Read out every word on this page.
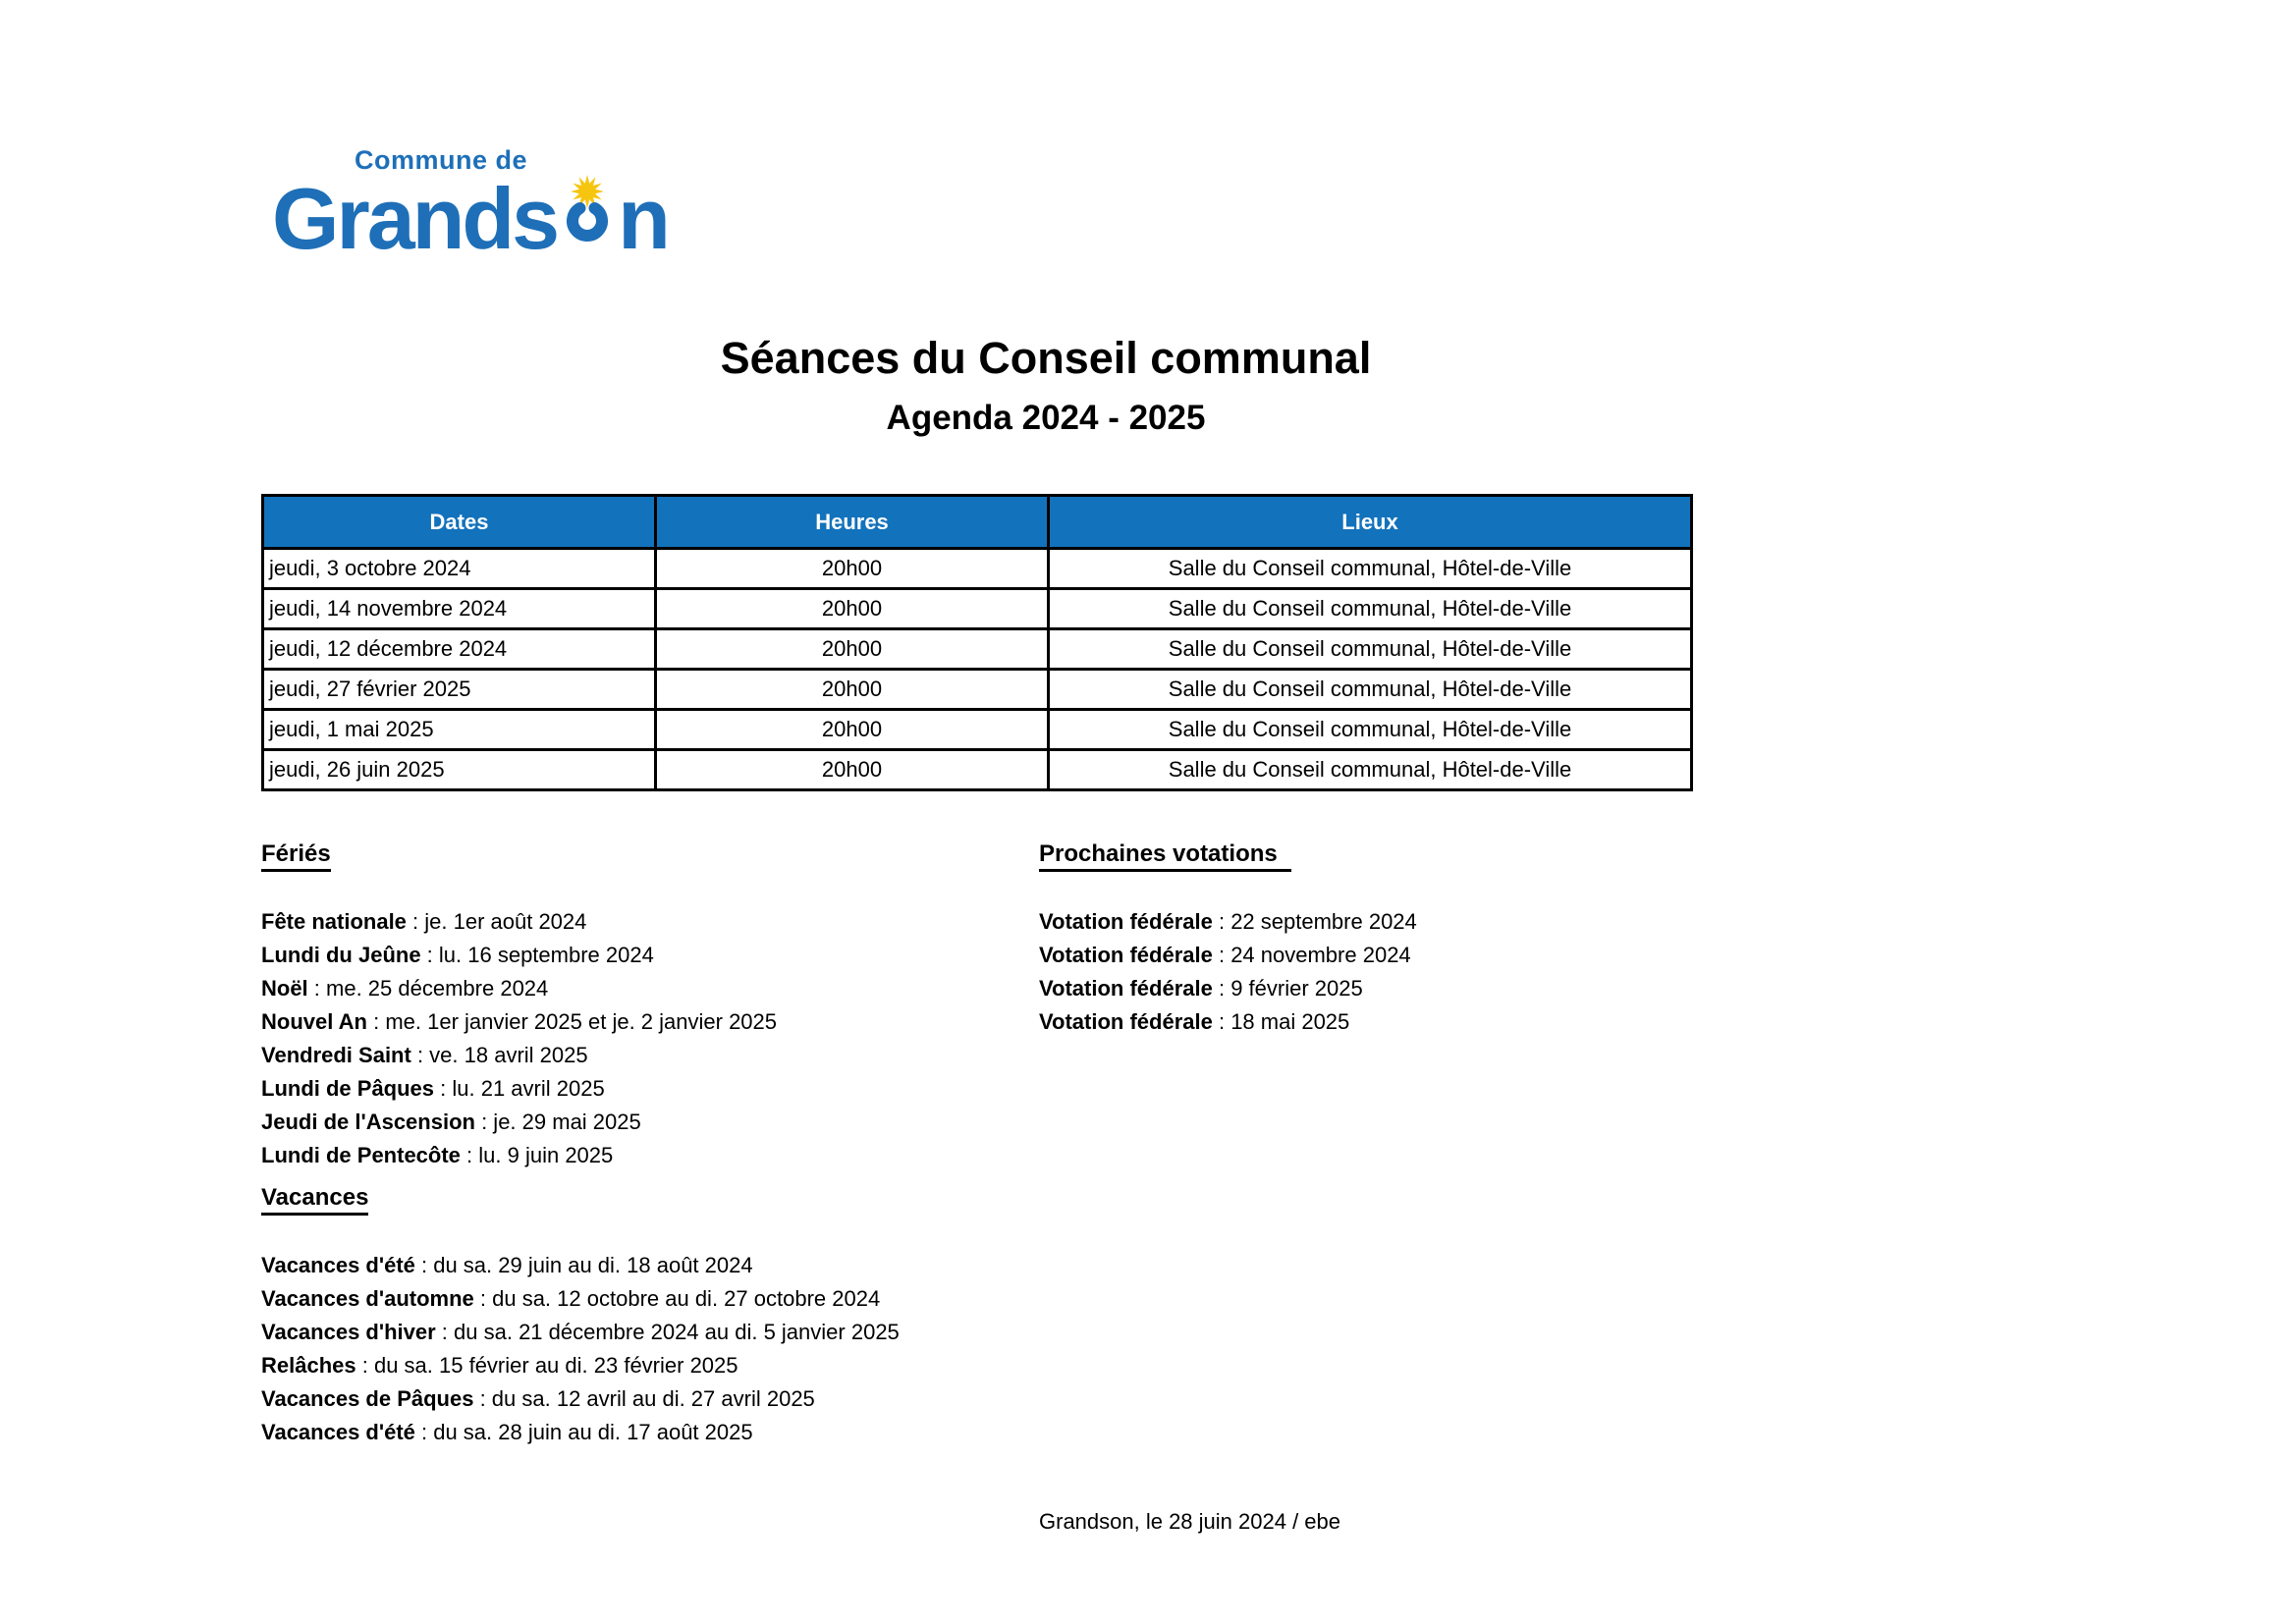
Commune de
Grands n
Séances du Conseil communal
Agenda 2024 - 2025
Dates	Heures	Lieux
jeudi, 3 octobre 2024	20h00	Salle du Conseil communal, Hôtel-de-Ville
jeudi, 14 novembre 2024	20h00	Salle du Conseil communal, Hôtel-de-Ville
jeudi, 12 décembre 2024	20h00	Salle du Conseil communal, Hôtel-de-Ville
jeudi, 27 février 2025	20h00	Salle du Conseil communal, Hôtel-de-Ville
jeudi, 1 mai 2025	20h00	Salle du Conseil communal, Hôtel-de-Ville
jeudi, 26 juin 2025	20h00	Salle du Conseil communal, Hôtel-de-Ville
Fériés
Fête nationale : je. 1er août 2024
Lundi du Jeûne : lu. 16 septembre 2024
Noël : me. 25 décembre 2024
Nouvel An : me. 1er janvier 2025 et je. 2 janvier 2025
Vendredi Saint : ve. 18 avril 2025
Lundi de Pâques : lu. 21 avril 2025
Jeudi de l'Ascension : je. 29 mai 2025
Lundi de Pentecôte : lu. 9 juin 2025
Prochaines votations
Votation fédérale : 22 septembre 2024
Votation fédérale : 24 novembre 2024
Votation fédérale : 9 février 2025
Votation fédérale : 18 mai 2025
Vacances
Vacances d'été : du sa. 29 juin au di. 18 août 2024
Vacances d'automne : du sa. 12 octobre au di. 27 octobre 2024
Vacances d'hiver : du sa. 21 décembre 2024 au di. 5 janvier 2025
Relâches : du sa. 15 février au di. 23 février 2025
Vacances de Pâques : du sa. 12 avril au di. 27 avril 2025
Vacances d'été : du sa. 28 juin au di. 17 août 2025
Grandson, le 28 juin 2024 / ebe
